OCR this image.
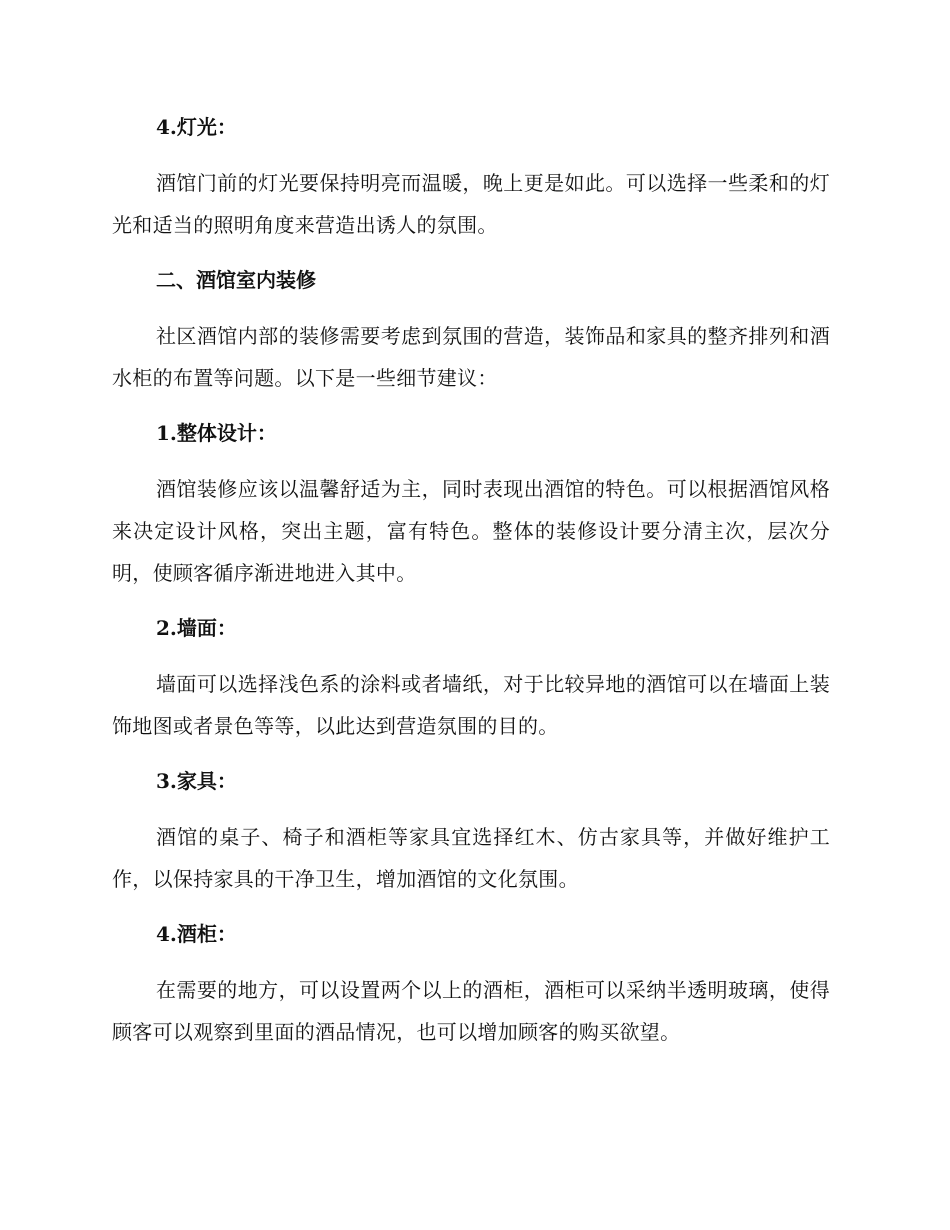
4.灯光：

酒馆门前的灯光要保持明亮而温暖，晚上更是如此。可以选择一些柔和的灯光和适当的照明角度来营造出诱人的氛围。

二、酒馆室内装修

社区酒馆内部的装修需要考虑到氛围的营造，装饰品和家具的整齐排列和酒水柜的布置等问题。以下是一些细节建议：

1.整体设计：

酒馆装修应该以温馨舒适为主，同时表现出酒馆的特色。可以根据酒馆风格来决定设计风格，突出主题，富有特色。整体的装修设计要分清主次，层次分明，使顾客循序渐进地进入其中。

2.墙面：

墙面可以选择浅色系的涂料或者墙纸，对于比较异地的酒馆可以在墙面上装饰地图或者景色等等，以此达到营造氛围的目的。

3.家具：

酒馆的桌子、椅子和酒柜等家具宜选择红木、仿古家具等，并做好维护工作，以保持家具的干净卫生，增加酒馆的文化氛围。

4.酒柜：

在需要的地方，可以设置两个以上的酒柜，酒柜可以采纳半透明玻璃，使得顾客可以观察到里面的酒品情况，也可以增加顾客的购买欲望。
